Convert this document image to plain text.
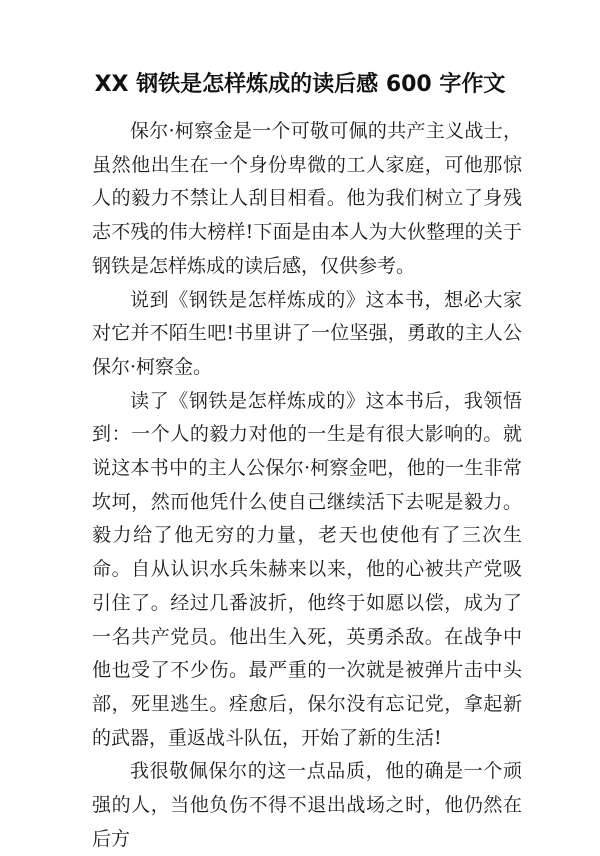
XX 钢铁是怎样炼成的读后感 600 字作文

保尔·柯察金是一个可敬可佩的共产主义战士，虽然他出生在一个身份卑微的工人家庭，可他那惊人的毅力不禁让人刮目相看。他为我们树立了身残志不残的伟大榜样!下面是由本人为大伙整理的关于钢铁是怎样炼成的读后感，仅供参考。

说到《钢铁是怎样炼成的》这本书，想必大家对它并不陌生吧!书里讲了一位坚强，勇敢的主人公保尔·柯察金。

读了《钢铁是怎样炼成的》这本书后，我领悟到：一个人的毅力对他的一生是有很大影响的。就说这本书中的主人公保尔·柯察金吧，他的一生非常坎坷，然而他凭什么使自己继续活下去呢是毅力。毅力给了他无穷的力量，老天也使他有了三次生命。自从认识水兵朱赫来以来，他的心被共产党吸引住了。经过几番波折，他终于如愿以偿，成为了一名共产党员。他出生入死，英勇杀敌。在战争中他也受了不少伤。最严重的一次就是被弹片击中头部，死里逃生。痊愈后，保尔没有忘记党，拿起新的武器，重返战斗队伍，开始了新的生活!

我很敬佩保尔的这一点品质，他的确是一个顽强的人，当他负伤不得不退出战场之时，他仍然在后方
